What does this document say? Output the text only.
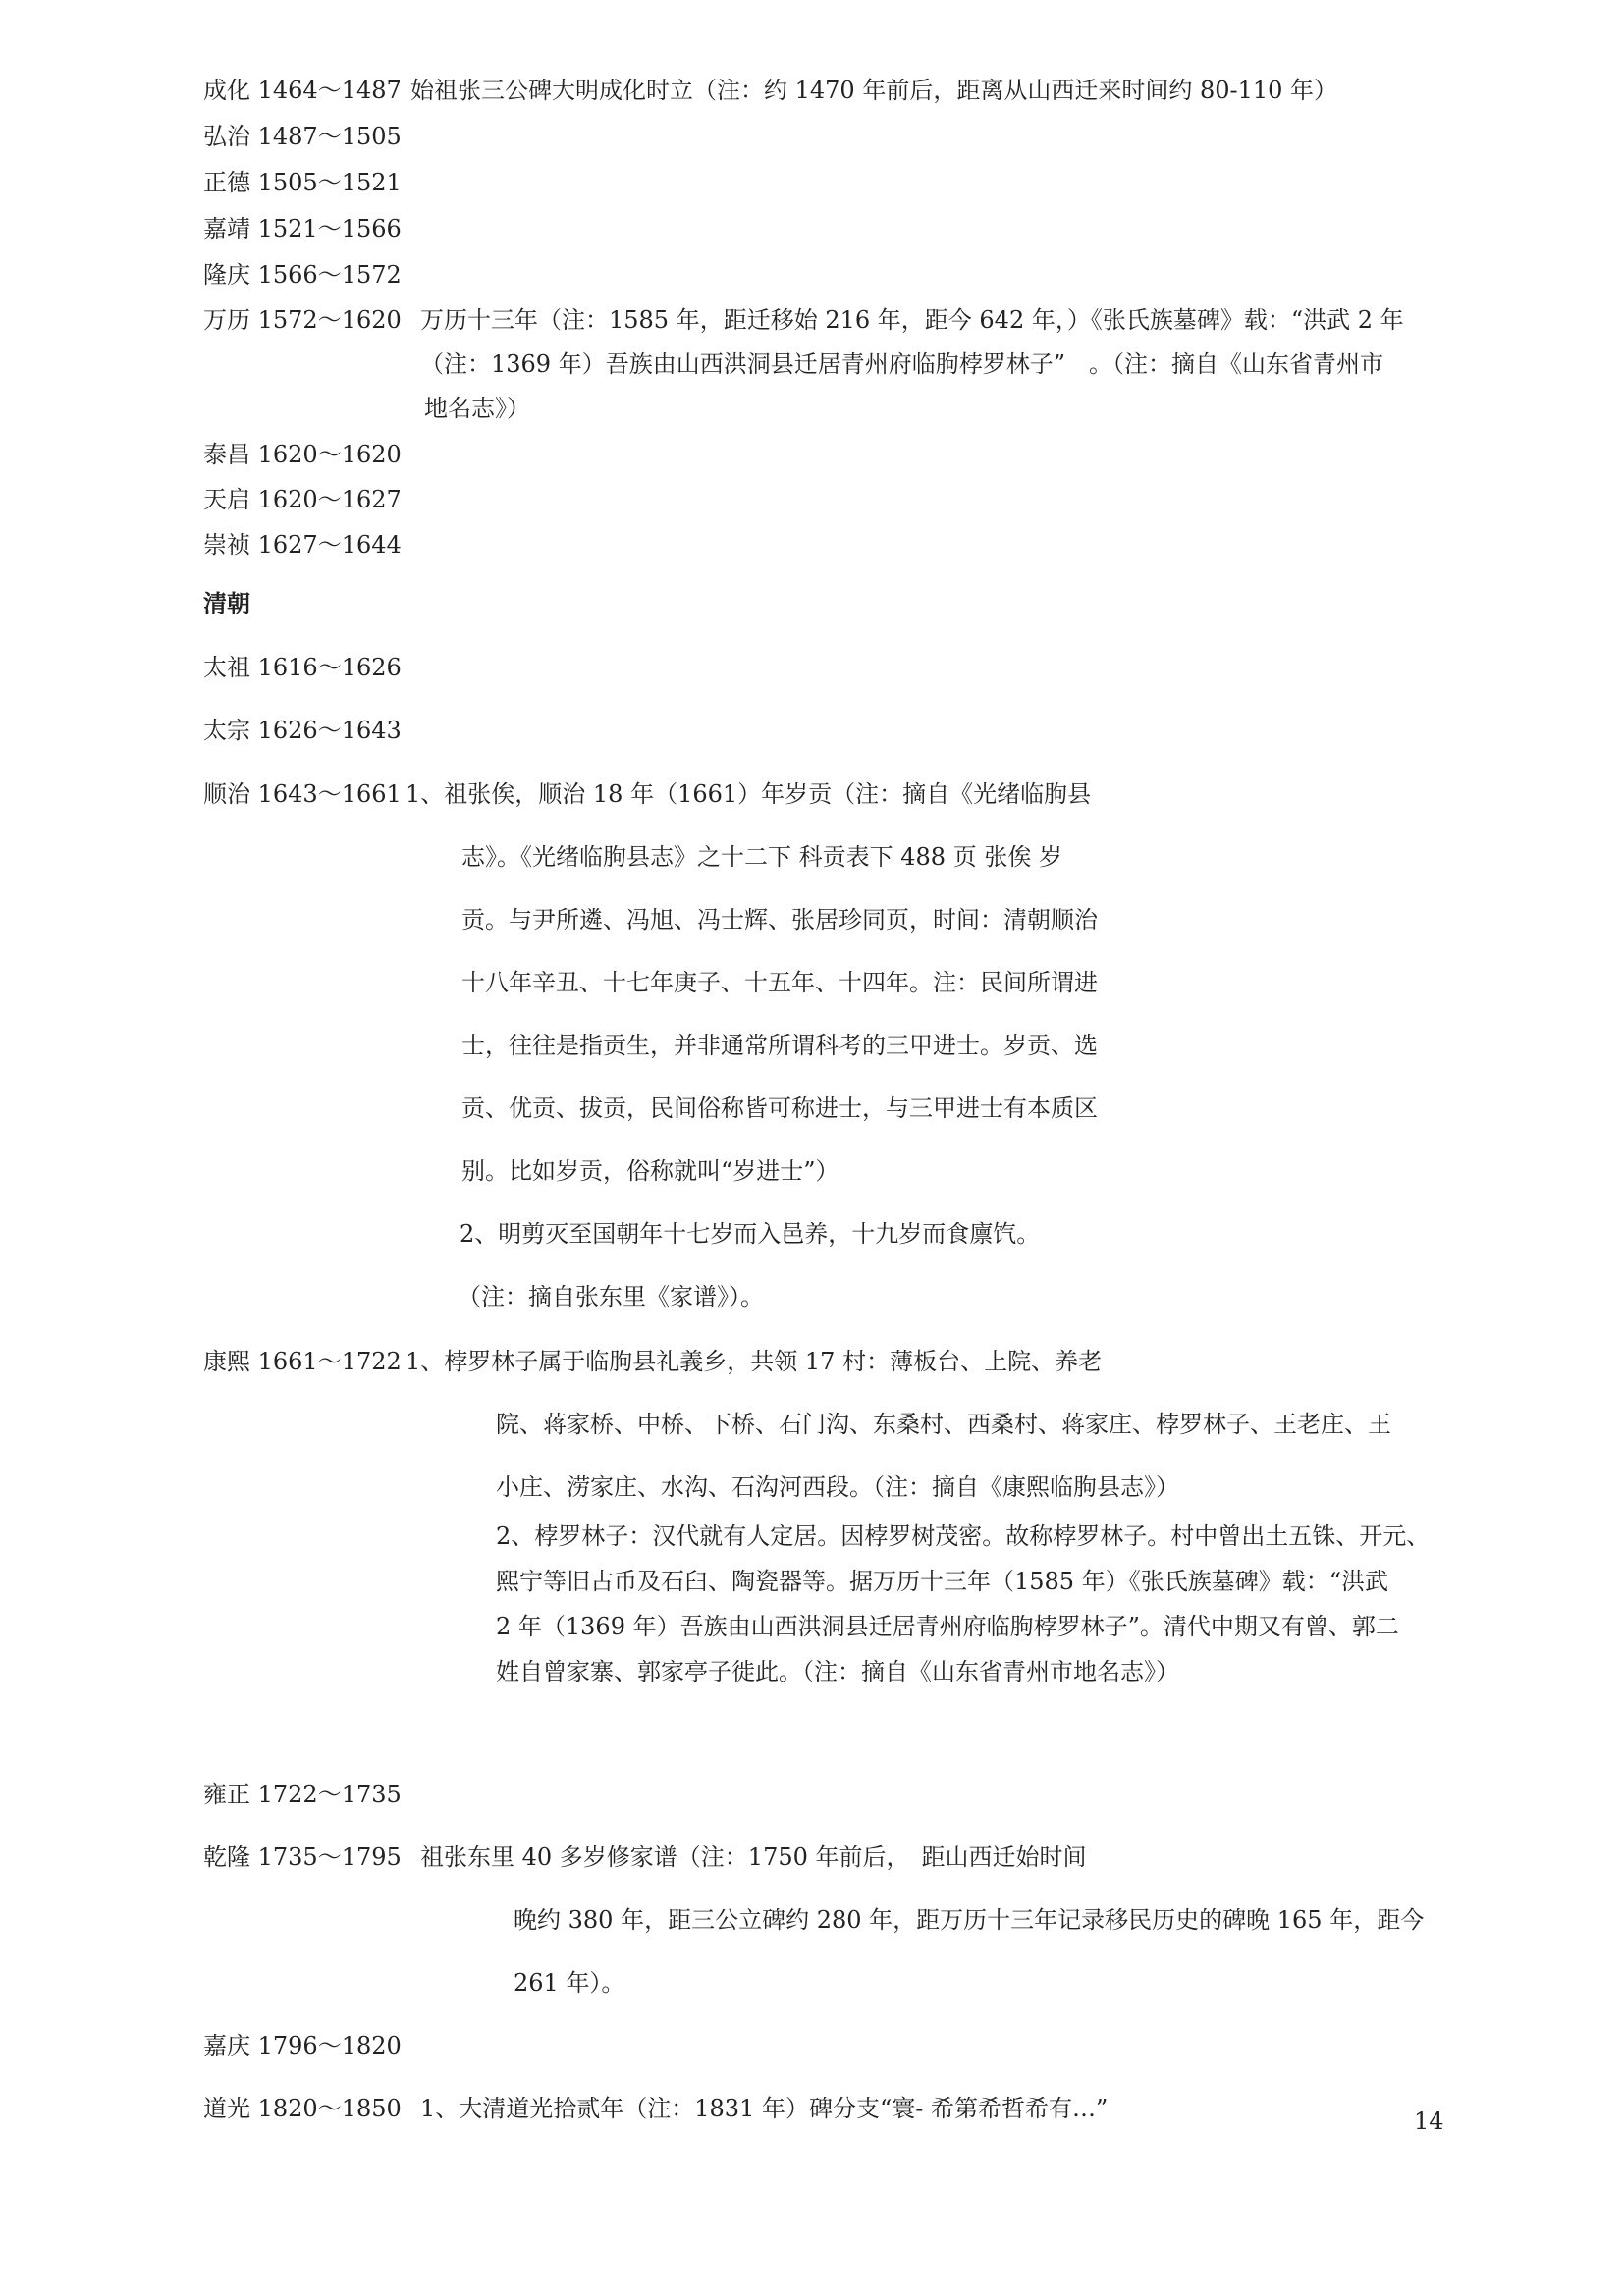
成化 1464～1487 始祖张三公碑大明成化时立（注：约 1470 年前后，距离从山西迁来时间约 80-110 年）
弘治 1487～1505
正德 1505～1521
嘉靖 1521～1566
隆庆 1566～1572
万历 1572～1620 万历十三年（注：1585 年，距迁移始 216 年，距今 642 年，）《张氏族墓碑》载：“洪武 2 年
（注：1369 年）吾族由山西洪洞县迁居青州府临朐桲罗林子”　。（注：摘自《山东省青州市
地名志》）
泰昌 1620～1620
天启 1620～1627
崇祯 1627～1644
清朝
太祖 1616～1626
太宗 1626～1643
顺治 1643～1661 1、祖张俟，顺治 18 年（1661）年岁贡（注：摘自《光绪临朐县
志》。《光绪临朐县志》之十二下 科贡表下 488 页 张俟 岁
贡。与尹所遴、冯旭、冯士辉、张居珍同页，时间：清朝顺治
十八年辛丑、十七年庚子、十五年、十四年。注：民间所谓进
士，往往是指贡生，并非通常所谓科考的三甲进士。岁贡、选
贡、优贡、拔贡，民间俗称皆可称进士，与三甲进士有本质区
别。比如岁贡，俗称就叫“岁进士”）
2、明剪灭至国朝年十七岁而入邑养，十九岁而食廪饩。
（注：摘自张东里《家谱》）。
康熙 1661～1722 1、桲罗林子属于临朐县礼義乡，共领 17 村：薄板台、上院、养老
院、蒋家桥、中桥、下桥、石门沟、东桑村、西桑村、蒋家庄、桲罗林子、王老庄、王
小庄、涝家庄、水沟、石沟河西段。（注：摘自《康熙临朐县志》）
2、桲罗林子：汉代就有人定居。因桲罗树茂密。故称桲罗林子。村中曾出土五铢、开元、
熙宁等旧古币及石臼、陶瓷器等。据万历十三年（1585 年）《张氏族墓碑》载：“洪武
2 年（1369 年）吾族由山西洪洞县迁居青州府临朐桲罗林子”。清代中期又有曾、郭二
姓自曾家寨、郭家亭子徙此。（注：摘自《山东省青州市地名志》）
雍正 1722～1735
乾隆 1735～1795 祖张东里 40 多岁修家谱（注：1750 年前后，　距山西迁始时间
晚约 380 年，距三公立碑约 280 年，距万历十三年记录移民历史的碑晚 165 年，距今
261 年）。
嘉庆 1796～1820
道光 1820～1850 1、大清道光拾贰年（注：1831 年）碑分支“寰- 希第希哲希有…”	14
